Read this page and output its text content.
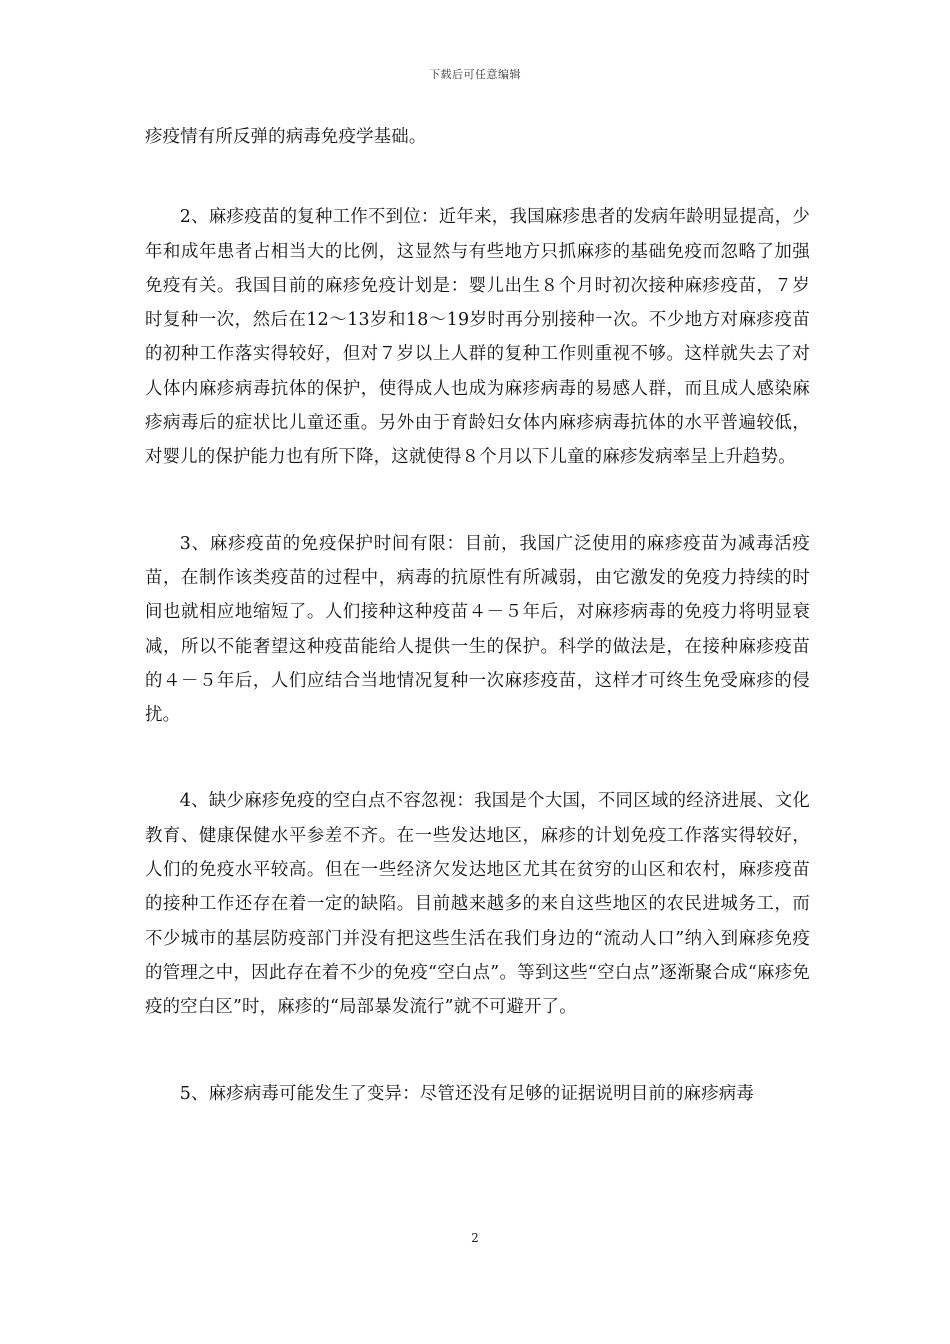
下载后可任意编辑

疹疫情有所反弹的病毒免疫学基础。

2、麻疹疫苗的复种工作不到位：近年来，我国麻疹患者的发病年龄明显提高，少年和成年患者占相当大的比例，这显然与有些地方只抓麻疹的基础免疫而忽略了加强免疫有关。我国目前的麻疹免疫计划是：婴儿出生８个月时初次接种麻疹疫苗，７岁时复种一次，然后在12～13岁和18～19岁时再分别接种一次。不少地方对麻疹疫苗的初种工作落实得较好，但对７岁以上人群的复种工作则重视不够。这样就失去了对人体内麻疹病毒抗体的保护，使得成人也成为麻疹病毒的易感人群，而且成人感染麻疹病毒后的症状比儿童还重。另外由于育龄妇女体内麻疹病毒抗体的水平普遍较低，对婴儿的保护能力也有所下降，这就使得８个月以下儿童的麻疹发病率呈上升趋势。

3、麻疹疫苗的免疫保护时间有限：目前，我国广泛使用的麻疹疫苗为减毒活疫苗，在制作该类疫苗的过程中，病毒的抗原性有所减弱，由它激发的免疫力持续的时间也就相应地缩短了。人们接种这种疫苗４－５年后，对麻疹病毒的免疫力将明显衰减，所以不能奢望这种疫苗能给人提供一生的保护。科学的做法是，在接种麻疹疫苗的４－５年后，人们应结合当地情况复种一次麻疹疫苗，这样才可终生免受麻疹的侵扰。

4、缺少麻疹免疫的空白点不容忽视：我国是个大国，不同区域的经济进展、文化教育、健康保健水平参差不齐。在一些发达地区，麻疹的计划免疫工作落实得较好，人们的免疫水平较高。但在一些经济欠发达地区尤其在贫穷的山区和农村，麻疹疫苗的接种工作还存在着一定的缺陷。目前越来越多的来自这些地区的农民进城务工，而不少城市的基层防疫部门并没有把这些生活在我们身边的“流动人口”纳入到麻疹免疫的管理之中，因此存在着不少的免疫“空白点”。等到这些“空白点”逐渐聚合成“麻疹免疫的空白区”时，麻疹的“局部暴发流行”就不可避开了。

5、麻疹病毒可能发生了变异：尽管还没有足够的证据说明目前的麻疹病毒

2
